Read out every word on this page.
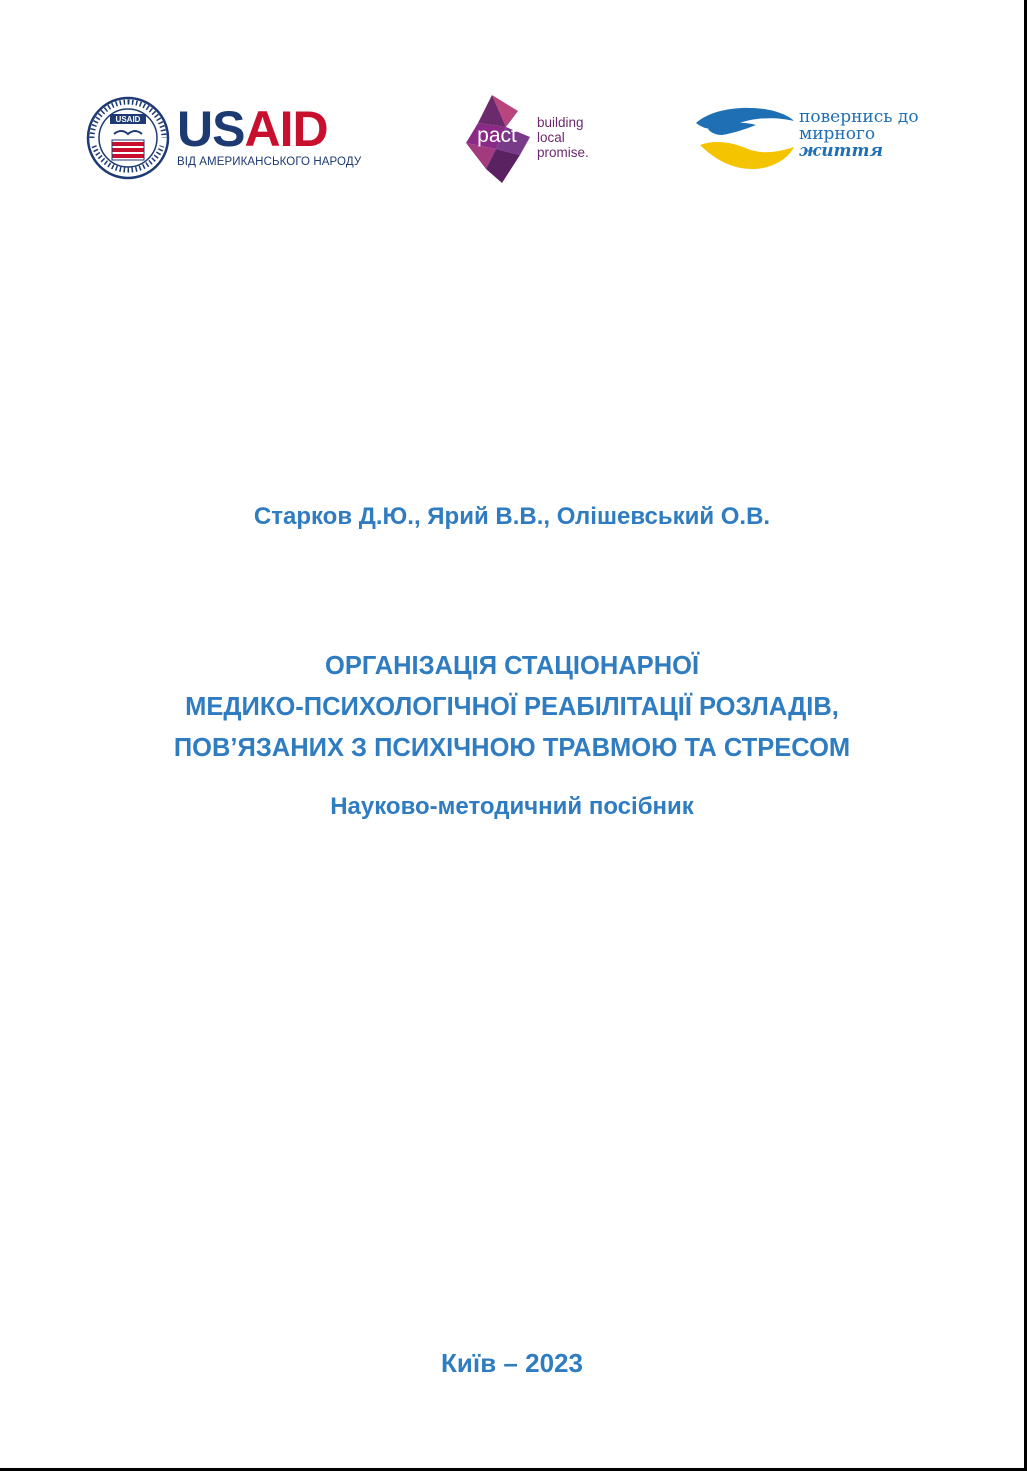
USAID USAID
ВІД АМЕРИКАНСЬКОГО НАРОДУ
pact
building
local
promise.
повернись до
мирного
життя
Старков Д.Ю., Ярий В.В., Олішевський О.В.
ОРГАНІЗАЦІЯ СТАЦІОНАРНОЇ
МЕДИКО-ПСИХОЛОГІЧНОЇ РЕАБІЛІТАЦІЇ РОЗЛАДІВ,
ПОВ’ЯЗАНИХ З ПСИХІЧНОЮ ТРАВМОЮ ТА СТРЕСОМ
Науково-методичний посібник
Київ – 2023
